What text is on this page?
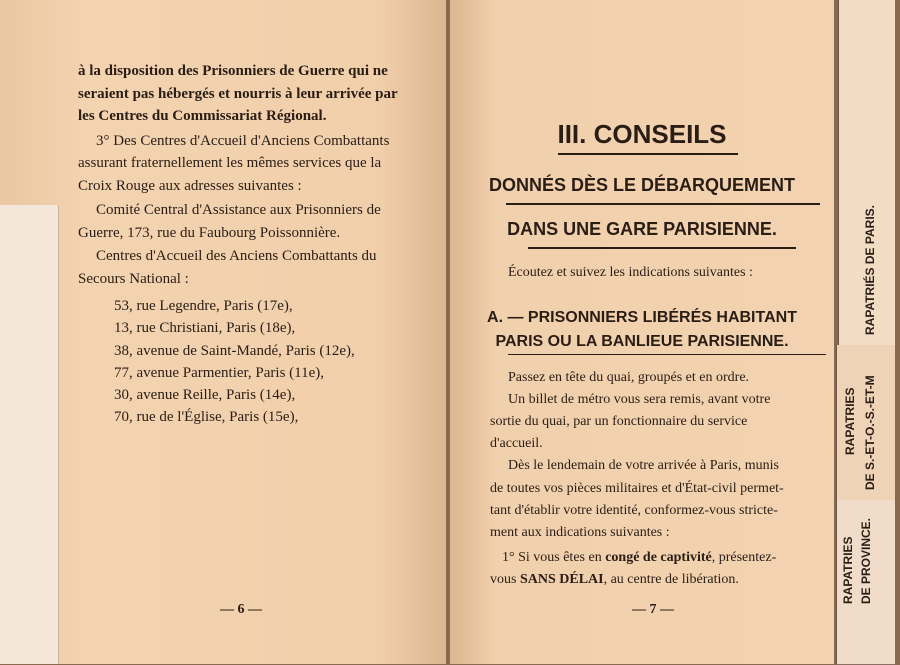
à la disposition des Prisonniers de Guerre qui ne
seraient pas hébergés et nourris à leur arrivée par
les Centres du Commissariat Régional.
3° Des Centres d'Accueil d'Anciens Combattants
assurant fraternellement les mêmes services que la
Croix Rouge aux adresses suivantes :
Comité Central d'Assistance aux Prisonniers de
Guerre, 173, rue du Faubourg Poissonnière.
Centres d'Accueil des Anciens Combattants du
Secours National :
53, rue Legendre, Paris (17e),
13, rue Christiani, Paris (18e),
38, avenue de Saint-Mandé, Paris (12e),
77, avenue Parmentier, Paris (11e),
30, avenue Reille, Paris (14e),
70, rue de l'Église, Paris (15e),
— 6 —
III. CONSEILS
DONNÉS DÈS LE DÉBARQUEMENT
DANS UNE GARE PARISIENNE.
Écoutez et suivez les indications suivantes :
A. — PRISONNIERS LIBÉRÉS HABITANT
PARIS OU LA BANLIEUE PARISIENNE.
Passez en tête du quai, groupés et en ordre.
Un billet de métro vous sera remis, avant votre
sortie du quai, par un fonctionnaire du service
d'accueil.
Dès le lendemain de votre arrivée à Paris, munis
de toutes vos pièces militaires et d'État-civil permet-
tant d'établir votre identité, conformez-vous stricte-
ment aux indications suivantes :
1° Si vous êtes en congé de captivité, présentez-
vous SANS DÉLAI, au centre de libération.
— 7 —
RAPATRIÉS DE PARIS.
RAPATRIES DE S.-ET-O.-S.-ET-M
RAPATRIES DE PROVINCE.
